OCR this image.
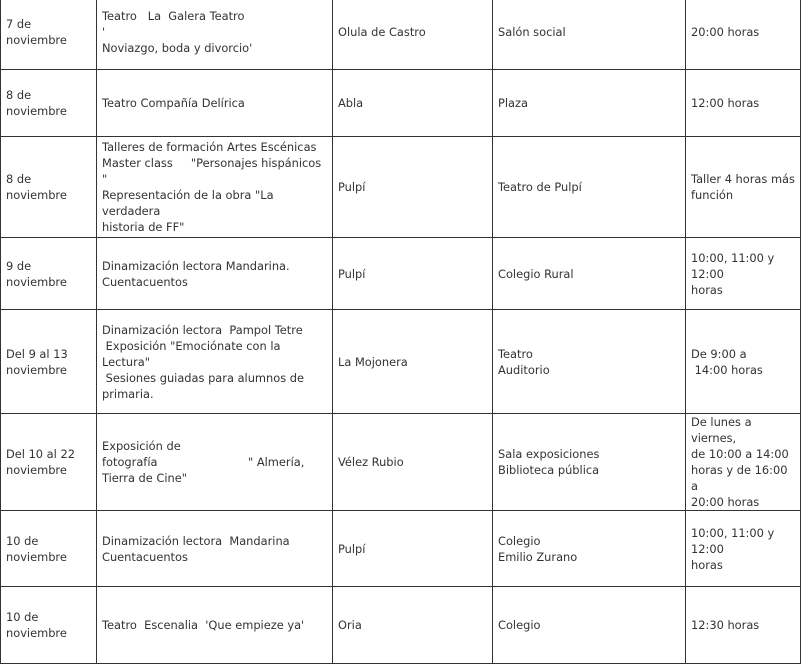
7 de noviembre	Teatro   La  Galera Teatro                                    '
Noviazgo, boda y divorcio'	Olula de Castro	Salón social	20:00 horas
8 de noviembre	Teatro Compañía Delírica	Abla	Plaza	12:00 horas
8 de noviembre	Talleres de formación Artes Escénicas
Master class     "Personajes hispánicos "
Representación de la obra "La verdadera
historia de FF"	Pulpí	Teatro de Pulpí	Taller 4 horas más
función
9 de noviembre	Dinamización lectora Mandarina.
Cuentacuentos	Pulpí	Colegio Rural	10:00, 11:00 y 12:00
horas
Del 9 al 13
noviembre	Dinamización lectora  Pampol Tetre
Exposición "Emociónate con la Lectura"
Sesiones guiadas para alumnos de
primaria.	La Mojonera	Teatro
Auditorio	De 9:00 a
14:00 horas
Del 10 al 22
noviembre	Exposición de
fotografía                         " Almería,
Tierra de Cine"	Vélez Rubio	Sala exposiciones
Biblioteca pública	De lunes a viernes,
de 10:00 a 14:00
horas y de 16:00 a
20:00 horas
10 de
noviembre	Dinamización lectora  Mandarina
Cuentacuentos	Pulpí	Colegio
Emilio Zurano	10:00, 11:00 y 12:00
horas
10 de
noviembre	Teatro  Escenalia  'Que empieze ya'	Oria	Colegio	12:30 horas
